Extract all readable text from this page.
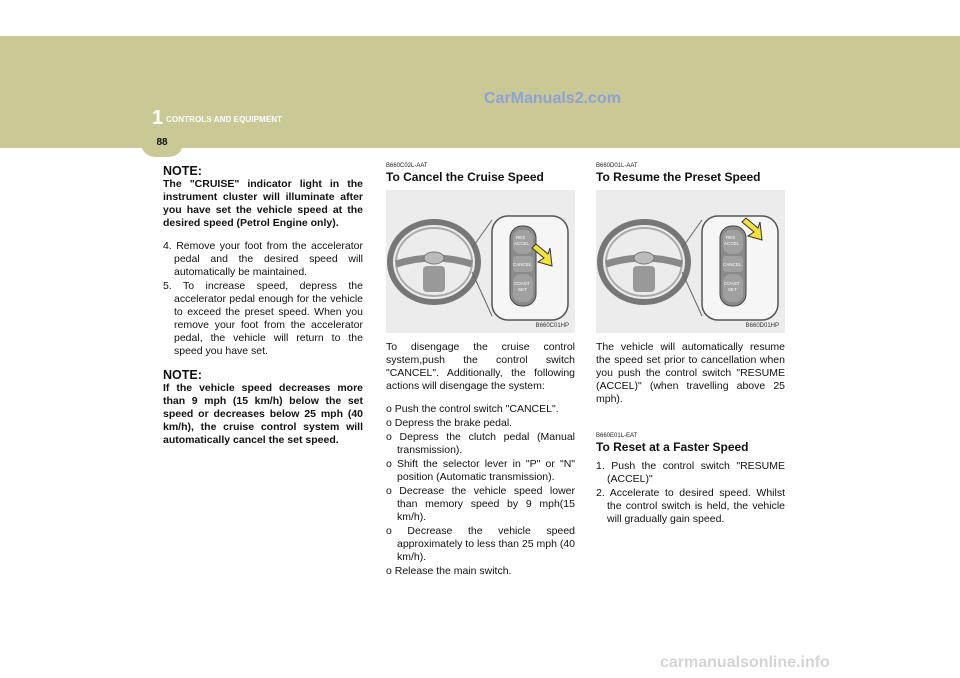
88
1 CONTROLS AND EQUIPMENT
CarManuals2.com

NOTE:

The "CRUISE" indicator light in the instrument cluster will illuminate after you have set the vehicle speed at the desired speed (Petrol Engine only).

4. Remove your foot from the accelerator pedal and the desired speed will automatically be maintained.
5. To increase speed, depress the accelerator pedal enough for the vehicle to exceed the preset speed. When you remove your foot from the accelerator pedal, the vehicle will return to the speed you have set.

NOTE:

If the vehicle speed decreases more than 9 mph (15 km/h) below the set speed or decreases below 25 mph (40 km/h), the cruise control system will automatically cancel the set speed.

B660C02L-AAT

To Cancel the Cruise Speed

RES
ACCEL
CANCEL
COAST
SET
B660C01HP

To disengage the cruise control system,push the control switch "CANCEL". Additionally, the following actions will disengage the system:

o Push the control switch "CANCEL".
o Depress the brake pedal.
o Depress the clutch pedal (Manual transmission).
o Shift the selector lever in "P" or "N" position (Automatic transmission).
o Decrease the vehicle speed lower than memory speed by 9 mph(15 km/h).
o Decrease the vehicle speed approximately to less than 25 mph (40 km/h).
o Release the main switch.

B660D01L-AAT

To Resume the Preset Speed

RES
ACCEL
CANCEL
COAST
SET
B660D01HP

The vehicle will automatically resume the speed set prior to cancellation when you push the control switch "RESUME (ACCEL)" (when travelling above 25 mph).

B660E01L-EAT

To Reset at a Faster Speed

1. Push the control switch "RESUME (ACCEL)"
2. Accelerate to desired speed. Whilst the control switch is held, the vehicle will gradually gain speed.
carmanualsonline.info
